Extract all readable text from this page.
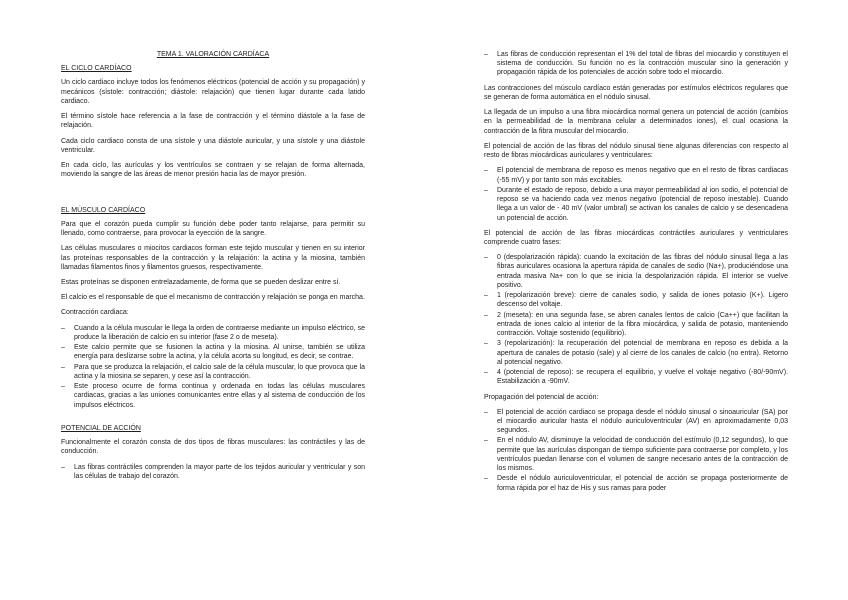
TEMA 1. VALORACIÓN CARDÍACA

EL CICLO CARDÍACO

Un ciclo cardiaco incluye todos los fenómenos eléctricos (potencial de acción y su propagación) y mecánicos (sístole: contracción; diástole: relajación) que tienen lugar durante cada latido cardiaco.

El término sístole hace referencia a la fase de contracción y el término diástole a la fase de relajación.

Cada ciclo cardiaco consta de una sístole y una diástole auricular, y una sístole y una diástole ventricular.

En cada ciclo, las aurículas y los ventrículos se contraen y se relajan de forma alternada, moviendo la sangre de las áreas de menor presión hacia las de mayor presión.

EL MÚSCULO CARDÍACO

Para que el corazón pueda cumplir su función debe poder tanto relajarse, para permitir su llenado, como contraerse, para provocar la eyección de la sangre.

Las células musculares o miocitos cardiacos forman este tejido muscular y tienen en su interior las proteínas responsables de la contracción y la relajación: la actina y la miosina, también llamadas filamentos finos y filamentos gruesos, respectivamente.

Estas proteínas se disponen entrelazadamente, de forma que se pueden deslizar entre sí.

El calcio es el responsable de que el mecanismo de contracción y relajación se ponga en marcha.

Contracción cardiaca:

– Cuando a la célula muscular le llega la orden de contraerse mediante un impulso eléctrico, se produce la liberación de calcio en su interior (fase 2 o de meseta).
– Este calcio permite que se fusionen la actina y la miosina. Al unirse, también se utiliza energía para deslizarse sobre la actina, y la célula acorta su longitud, es decir, se contrae.
– Para que se produzca la relajación, el calcio sale de la célula muscular, lo que provoca que la actina y la miosina se separen, y cese así la contracción.
– Este proceso ocurre de forma continua y ordenada en todas las células musculares cardiacas, gracias a las uniones comunicantes entre ellas y al sistema de conducción de los impulsos eléctricos.

POTENCIAL DE ACCIÓN

Funcionalmente el corazón consta de dos tipos de fibras musculares: las contráctiles y las de conducción.

– Las fibras contráctiles comprenden la mayor parte de los tejidos auricular y ventricular y son las células de trabajo del corazón.
– Las fibras de conducción representan el 1% del total de fibras del miocardio y constituyen el sistema de conducción. Su función no es la contracción muscular sino la generación y propagación rápida de los potenciales de acción sobre todo el miocardio.

Las contracciones del músculo cardíaco están generadas por estímulos eléctricos regulares que se generan de forma automática en el nódulo sinusal.

La llegada de un impulso a una fibra miocárdica normal genera un potencial de acción (cambios en la permeabilidad de la membrana celular a determinados iones), el cual ocasiona la contracción de la fibra muscular del miocardio.

El potencial de acción de las fibras del nódulo sinusal tiene algunas diferencias con respecto al resto de fibras miocárdicas auriculares y ventriculares:

– El potencial de membrana de reposo es menos negativo que en el resto de fibras cardiacas (-55 mV) y por tanto son más excitables.
– Durante el estado de reposo, debido a una mayor permeabilidad al ion sodio, el potencial de reposo se va haciendo cada vez menos negativo (potencial de reposo inestable). Cuando llega a un valor de - 40 mV (valor umbral) se activan los canales de calcio y se desencadena un potencial de acción.

El potencial de acción de las fibras miocárdicas contráctiles auriculares y ventriculares comprende cuatro fases:

– 0 (despolarización rápida): cuando la excitación de las fibras del nódulo sinusal llega a las fibras auriculares ocasiona la apertura rápida de canales de sodio (Na+), produciéndose una entrada masiva Na+ con lo que se inicia la despolarización rápida. El interior se vuelve positivo.
– 1 (repolarización breve): cierre de canales sodio, y salida de iones potasio (K+). Ligero descenso del voltaje.
– 2 (meseta): en una segunda fase, se abren canales lentos de calcio (Ca++) que facilitan la entrada de iones calcio al interior de la fibra miocárdica, y salida de potasio, manteniendo contracción. Voltaje sostenido (equilibrio).
– 3 (repolarización): la recuperación del potencial de membrana en reposo es debida a la apertura de canales de potasio (sale) y al cierre de los canales de calcio (no entra). Retorno al potencial negativo.
– 4 (potencial de reposo): se recupera el equilibrio, y vuelve el voltaje negativo (-80/-90mV). Estabilización a -90mV.

Propagación del potencial de acción:

– El potencial de acción cardiaco se propaga desde el nódulo sinusal o sinoauricular (SA) por el miocardio auricular hasta el nódulo auriculoventricular (AV) en aproximadamente 0,03 segundos.
– En el nódulo AV, disminuye la velocidad de conducción del estímulo (0,12 segundos), lo que permite que las aurículas dispongan de tiempo suficiente para contraerse por completo, y los ventrículos puedan llenarse con el volumen de sangre necesario antes de la contracción de los mismos.
– Desde el nódulo auriculoventricular, el potencial de acción se propaga posteriormente de forma rápida por el haz de His y sus ramas para poder
